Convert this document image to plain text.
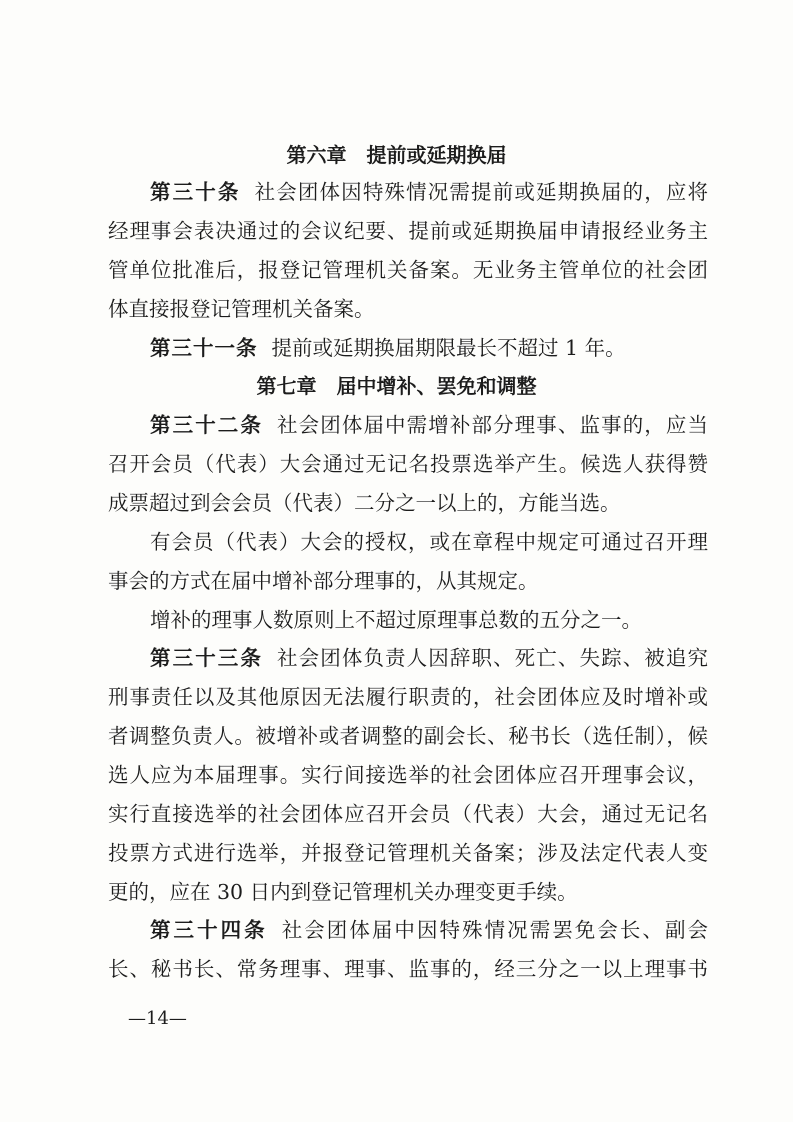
第六章　提前或延期换届
第三十条 社会团体因特殊情况需提前或延期换届的，应将
经理事会表决通过的会议纪要、提前或延期换届申请报经业务主
管单位批准后，报登记管理机关备案。无业务主管单位的社会团
体直接报登记管理机关备案。
第三十一条 提前或延期换届期限最长不超过 1 年。
第七章　届中增补、罢免和调整
第三十二条 社会团体届中需增补部分理事、监事的，应当
召开会员（代表）大会通过无记名投票选举产生。候选人获得赞
成票超过到会会员（代表）二分之一以上的，方能当选。
有会员（代表）大会的授权，或在章程中规定可通过召开理
事会的方式在届中增补部分理事的，从其规定。
增补的理事人数原则上不超过原理事总数的五分之一。
第三十三条 社会团体负责人因辞职、死亡、失踪、被追究
刑事责任以及其他原因无法履行职责的，社会团体应及时增补或
者调整负责人。被增补或者调整的副会长、秘书长（选任制），候
选人应为本届理事。实行间接选举的社会团体应召开理事会议，
实行直接选举的社会团体应召开会员（代表）大会，通过无记名
投票方式进行选举，并报登记管理机关备案；涉及法定代表人变
更的，应在 30 日内到登记管理机关办理变更手续。
第三十四条 社会团体届中因特殊情况需罢免会长、副会
长、秘书长、常务理事、理事、监事的，经三分之一以上理事书
—14—
